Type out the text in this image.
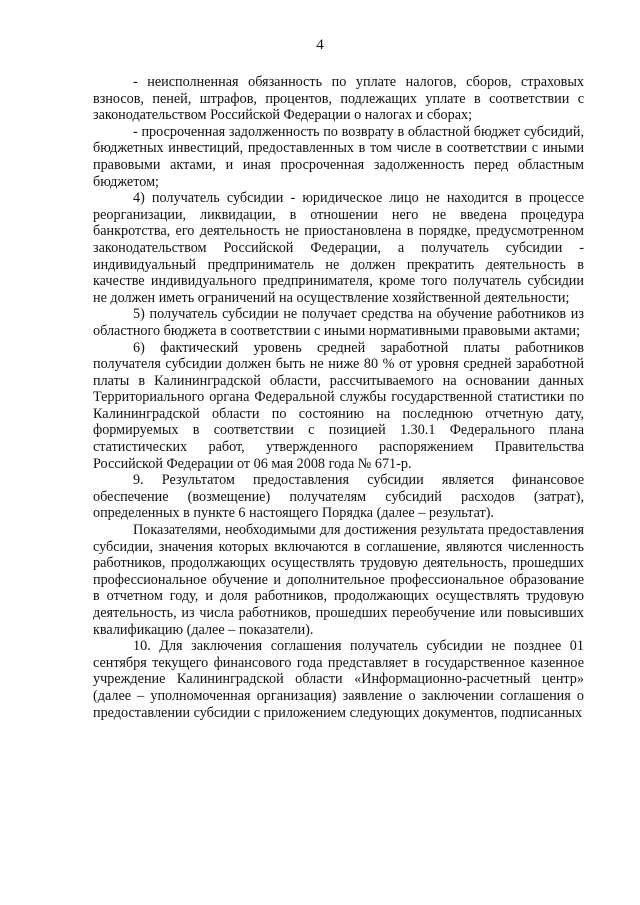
4

- неисполненная обязанность по уплате налогов, сборов, страховых взносов, пеней, штрафов, процентов, подлежащих уплате в соответствии с законодательством Российской Федерации о налогах и сборах;

- просроченная задолженность по возврату в областной бюджет субсидий, бюджетных инвестиций, предоставленных в том числе в соответствии с иными правовыми актами, и иная просроченная задолженность перед областным бюджетом;

4) получатель субсидии - юридическое лицо не находится в процессе реорганизации, ликвидации, в отношении него не введена процедура банкротства, его деятельность не приостановлена в порядке, предусмотренном законодательством Российской Федерации, а получатель субсидии - индивидуальный предприниматель не должен прекратить деятельность в качестве индивидуального предпринимателя, кроме того получатель субсидии не должен иметь ограничений на осуществление хозяйственной деятельности;

5) получатель субсидии не получает средства на обучение работников из областного бюджета в соответствии с иными нормативными правовыми актами;

6) фактический уровень средней заработной платы работников получателя субсидии должен быть не ниже 80 % от уровня средней заработной платы в Калининградской области, рассчитываемого на основании данных Территориального органа Федеральной службы государственной статистики по Калининградской области по состоянию на последнюю отчетную дату, формируемых в соответствии с позицией 1.30.1 Федерального плана статистических работ, утвержденного распоряжением Правительства Российской Федерации от 06 мая 2008 года № 671-р.

9. Результатом предоставления субсидии является финансовое обеспечение (возмещение) получателям субсидий расходов (затрат), определенных в пункте 6 настоящего Порядка (далее – результат).

Показателями, необходимыми для достижения результата предоставления субсидии, значения которых включаются в соглашение, являются численность работников, продолжающих осуществлять трудовую деятельность, прошедших профессиональное обучение и дополнительное профессиональное образование в отчетном году, и доля работников, продолжающих осуществлять трудовую деятельность, из числа работников, прошедших переобучение или повысивших квалификацию (далее – показатели).

10. Для заключения соглашения получатель субсидии не позднее 01 сентября текущего финансового года представляет в государственное казенное учреждение Калининградской области «Информационно-расчетный центр» (далее – уполномоченная организация) заявление о заключении соглашения о предоставлении субсидии с приложением следующих документов, подписанных
